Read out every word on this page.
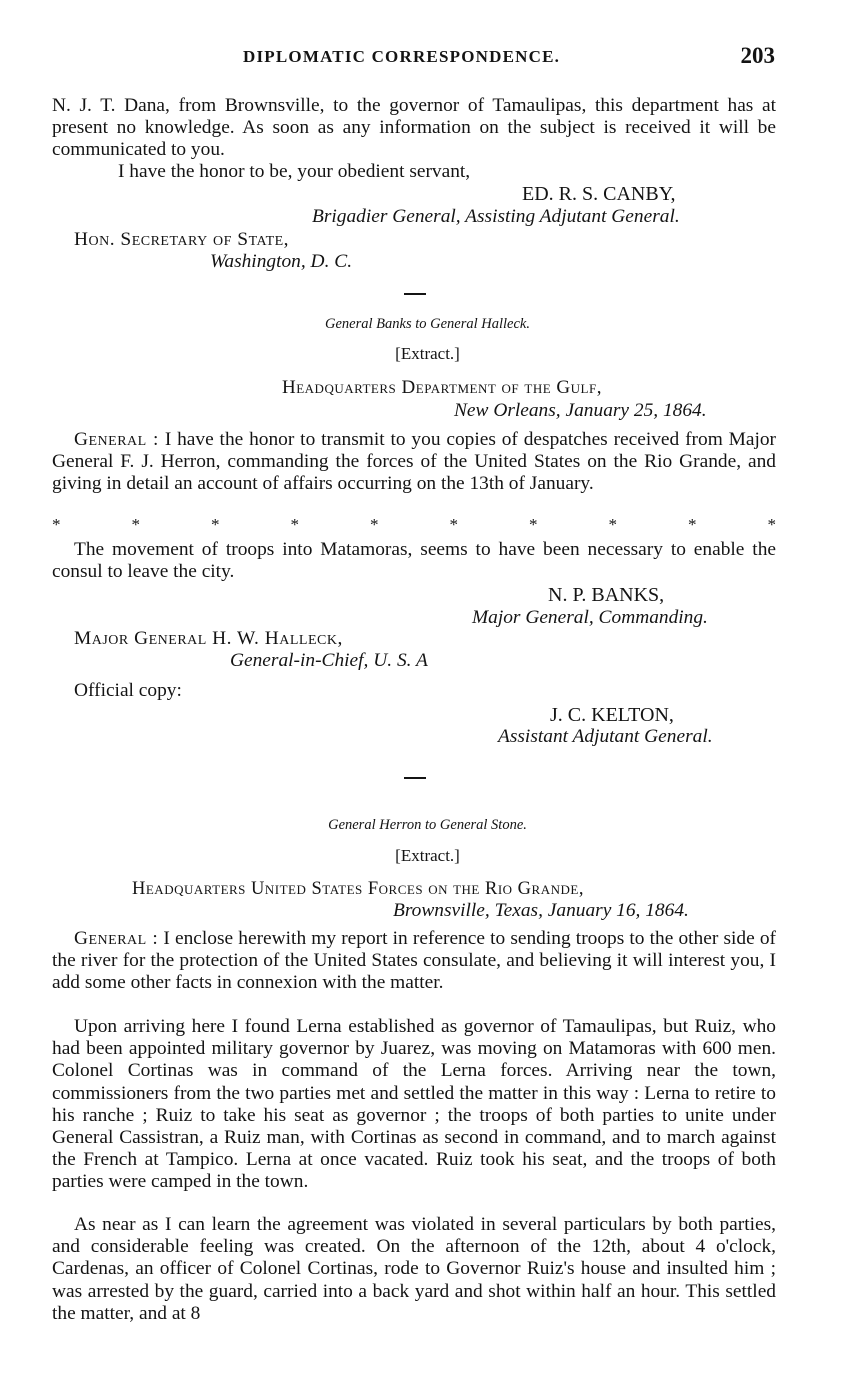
DIPLOMATIC CORRESPONDENCE.	203

N. J. T. Dana, from Brownsville, to the governor of Tamaulipas, this department has at present no knowledge. As soon as any information on the subject is received it will be communicated to you.

I have the honor to be, your obedient servant,

ED. R. S. CANBY,

Brigadier General, Assisting Adjutant General.

Hon. Secretary of State,

Washington, D. C.

General Banks to General Halleck.

[Extract.]

Headquarters Department of the Gulf,

New Orleans, January 25, 1864.

General : I have the honor to transmit to you copies of despatches received from Major General F. J. Herron, commanding the forces of the United States on the Rio Grande, and giving in detail an account of affairs occurring on the 13th of January.

*	*	*	*	*	*	*	*	*	*

The movement of troops into Matamoras, seems to have been necessary to enable the consul to leave the city.

N. P. BANKS,

Major General, Commanding.

Major General H. W. Halleck,

General-in-Chief, U. S. A

Official copy:

J. C. KELTON,

Assistant Adjutant General.

General Herron to General Stone.

[Extract.]

Headquarters United States Forces on the Rio Grande,

Brownsville, Texas, January 16, 1864.

General : I enclose herewith my report in reference to sending troops to the other side of the river for the protection of the United States consulate, and believing it will interest you, I add some other facts in connexion with the matter.

Upon arriving here I found Lerna established as governor of Tamaulipas, but Ruiz, who had been appointed military governor by Juarez, was moving on Matamoras with 600 men. Colonel Cortinas was in command of the Lerna forces. Arriving near the town, commissioners from the two parties met and settled the matter in this way : Lerna to retire to his ranche ; Ruiz to take his seat as governor ; the troops of both parties to unite under General Cassistran, a Ruiz man, with Cortinas as second in command, and to march against the French at Tampico. Lerna at once vacated. Ruiz took his seat, and the troops of both parties were camped in the town.

As near as I can learn the agreement was violated in several particulars by both parties, and considerable feeling was created. On the afternoon of the 12th, about 4 o'clock, Cardenas, an officer of Colonel Cortinas, rode to Governor Ruiz's house and insulted him ; was arrested by the guard, carried into a back yard and shot within half an hour. This settled the matter, and at 8
